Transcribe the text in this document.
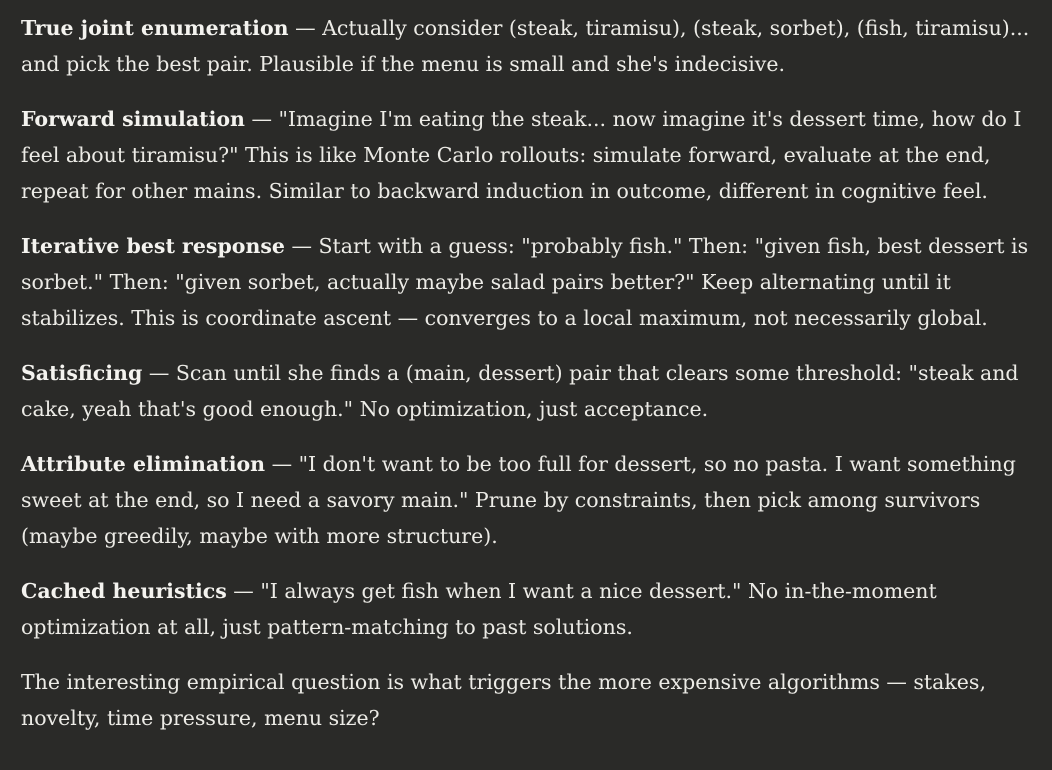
True joint enumeration — Actually consider (steak, tiramisu), (steak, sorbet), (fish, tiramisu)... and pick the best pair. Plausible if the menu is small and she's indecisive.

Forward simulation — "Imagine I'm eating the steak... now imagine it's dessert time, how do I feel about tiramisu?" This is like Monte Carlo rollouts: simulate forward, evaluate at the end, repeat for other mains. Similar to backward induction in outcome, different in cognitive feel.

Iterative best response — Start with a guess: "probably fish." Then: "given fish, best dessert is sorbet." Then: "given sorbet, actually maybe salad pairs better?" Keep alternating until it stabilizes. This is coordinate ascent — converges to a local maximum, not necessarily global.

Satisficing — Scan until she finds a (main, dessert) pair that clears some threshold: "steak and cake, yeah that's good enough." No optimization, just acceptance.

Attribute elimination — "I don't want to be too full for dessert, so no pasta. I want something sweet at the end, so I need a savory main." Prune by constraints, then pick among survivors (maybe greedily, maybe with more structure).

Cached heuristics — "I always get fish when I want a nice dessert." No in-the-moment optimization at all, just pattern-matching to past solutions.

The interesting empirical question is what triggers the more expensive algorithms — stakes, novelty, time pressure, menu size?
